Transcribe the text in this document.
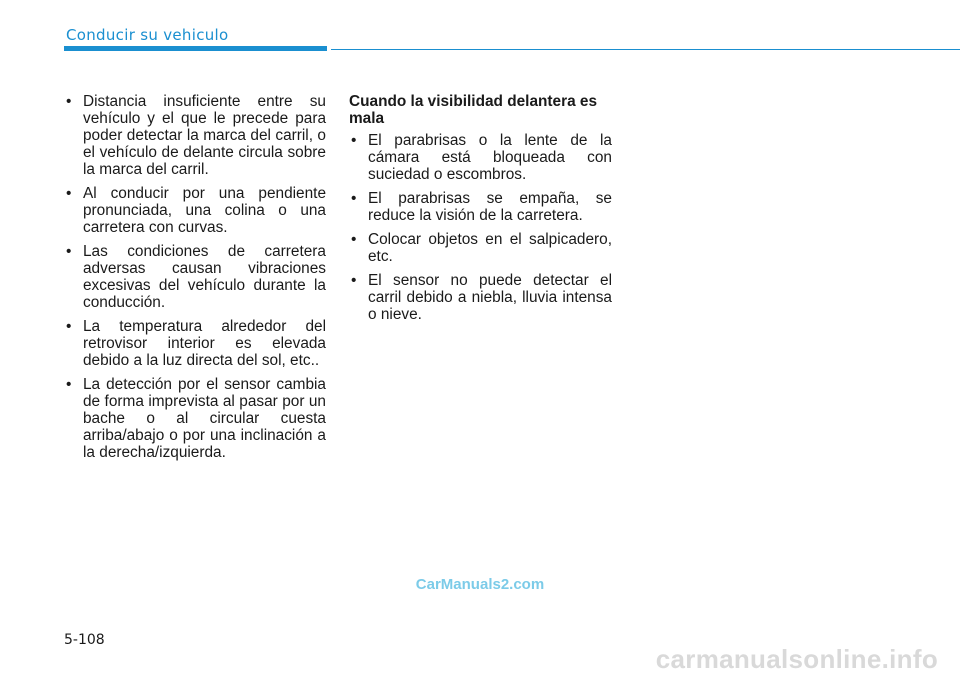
Conducir su vehiculo
• Distancia insuficiente entre su vehículo y el que le precede para poder detectar la marca del carril, o el vehículo de delante circula sobre la marca del carril.
• Al conducir por una pendiente pronunciada, una colina o una carretera con curvas.
• Las condiciones de carretera adversas causan vibraciones excesivas del vehículo durante la conducción.
• La temperatura alrededor del retrovisor interior es elevada debido a la luz directa del sol, etc..
• La detección por el sensor cambia de forma imprevista al pasar por un bache o al circular cuesta arriba/abajo o por una inclinación a la derecha/izquierda.
Cuando la visibilidad delantera es mala
• El parabrisas o la lente de la cámara está bloqueada con suciedad o escombros.
• El parabrisas se empaña, se reduce la visión de la carretera.
• Colocar objetos en el salpicadero, etc.
• El sensor no puede detectar el carril debido a niebla, lluvia intensa o nieve.
CarManuals2.com
5-108
carmanualsonline.info
